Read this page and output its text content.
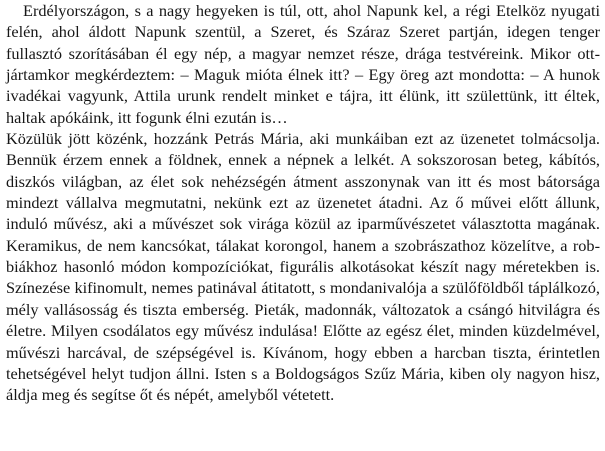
Erdélyországon, s a nagy hegyeken is túl, ott, ahol Napunk kel, a régi Etelköz nyugati
felén, ahol áldott Napunk szentül, a Szeret, és Száraz Szeret partján, idegen tenger
fullasztó szorításában él egy nép, a magyar nemzet része, drága testvéreink. Mikor ott-
jártamkor megkérdeztem: – Maguk mióta élnek itt? – Egy öreg azt mondotta: – A hunok
ivadékai vagyunk, Attila urunk rendelt minket e tájra, itt élünk, itt születtünk, itt éltek,
haltak apókáink, itt fogunk élni ezután is…
Közülük jött közénk, hozzánk Petrás Mária, aki munkáiban ezt az üzenetet tolmácsolja.
Bennük érzem ennek a földnek, ennek a népnek a lelkét. A sokszorosan beteg, kábítós,
diszkós világban, az élet sok nehézségén átment asszonynak van itt és most bátorsága
mindezt vállalva megmutatni, nekünk ezt az üzenetet átadni. Az ő művei előtt állunk,
induló művész, aki a művészet sok virága közül az iparművészetet választotta magának.
Keramikus, de nem kancsókat, tálakat korongol, hanem a szobrászathoz közelítve, a rob-
biákhoz hasonló módon kompozíciókat, figurális alkotásokat készít nagy méretekben is.
Színezése kifinomult, nemes patinával átitatott, s mondanivalója a szülőföldből táplálkozó,
mély vallásosság és tiszta emberség. Pieták, madonnák, változatok a csángó hitvilágra és
életre. Milyen csodálatos egy művész indulása! Előtte az egész élet, minden küzdelmével,
művészi harcával, de szépségével is. Kívánom, hogy ebben a harcban tiszta, érintetlen
tehetségével helyt tudjon állni. Isten s a Boldogságos Szűz Mária, kiben oly nagyon hisz,
áldja meg és segítse őt és népét, amelyből vétetett.
